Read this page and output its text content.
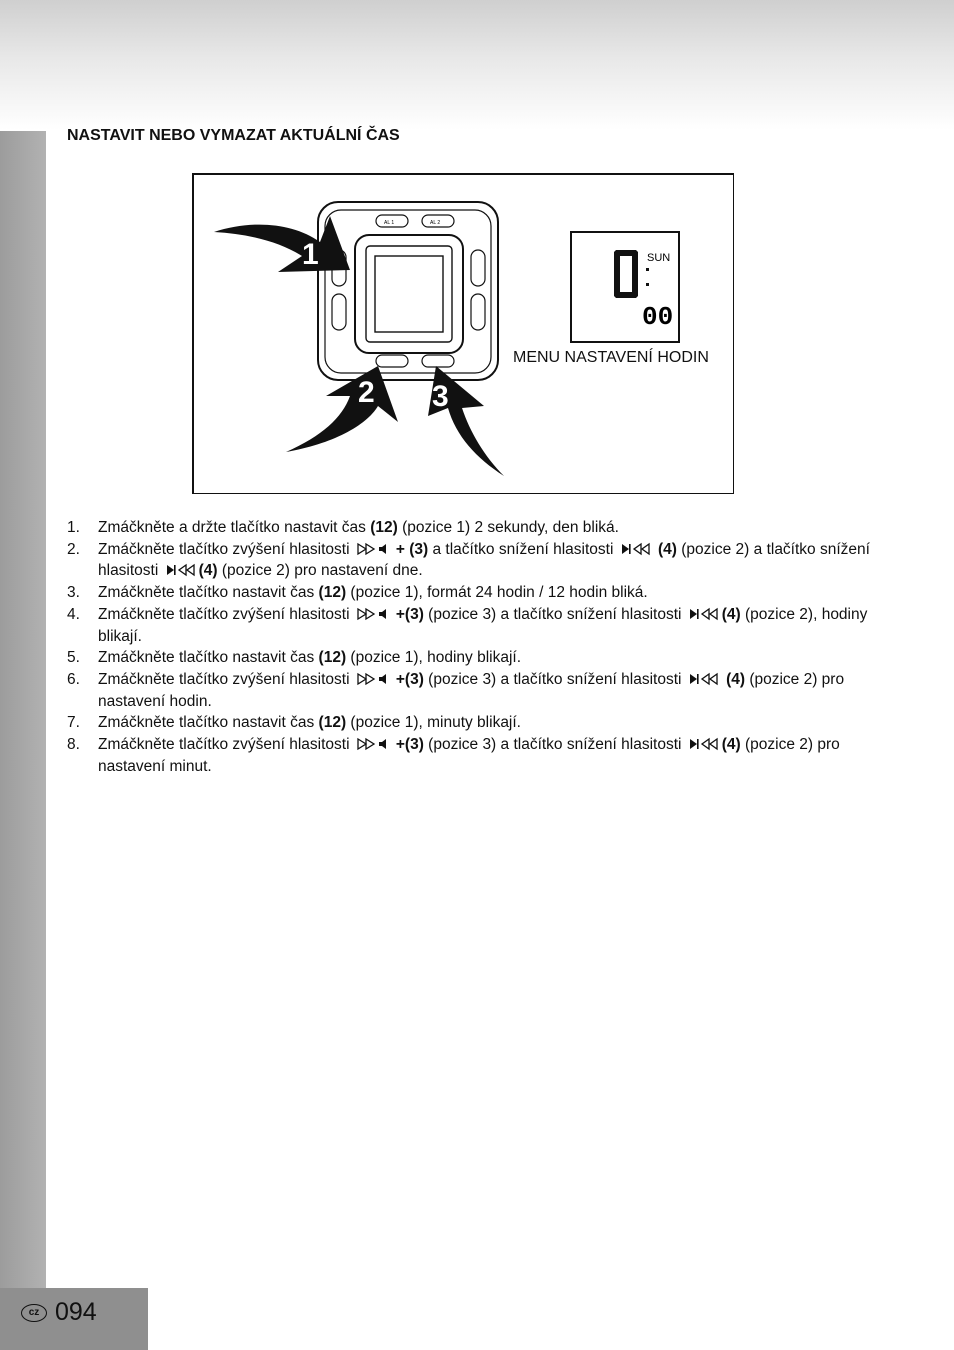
NASTAVIT NEBO VYMAZAT AKTUÁLNÍ ČAS
AL 1	AL 2
SUN
00
1
2 3
MENU NASTAVENÍ HODIN
1. Zmáčkněte a držte tlačítko nastavit čas (12) (pozice 1) 2 sekundy, den bliká.
2. Zmáčkněte tlačítko zvýšení hlasitosti	+ (3) a tlačítko snížení hlasitosti
(4) (pozice 2) a tlačítko snížení hlasitosti
(4) (pozice 2) pro nastavení dne.
3. Zmáčkněte tlačítko nastavit čas (12) (pozice 1), formát 24 hodin / 12 hodin bliká.
4. Zmáčkněte tlačítko zvýšení hlasitosti	+(3) (pozice 3) a tlačítko snížení hlasitosti
(4) (pozice 2), hodiny blikají.
5. Zmáčkněte tlačítko nastavit čas (12) (pozice 1), hodiny blikají.
6. Zmáčkněte tlačítko zvýšení hlasitosti	+(3) (pozice 3) a tlačítko snížení hlasitosti
(4) (pozice 2) pro nastavení hodin.
7. Zmáčkněte tlačítko nastavit čas (12) (pozice 1), minuty blikají.
8. Zmáčkněte tlačítko zvýšení hlasitosti	+(3) (pozice 3) a tlačítko snížení hlasitosti
(4) (pozice 2) pro nastavení minut.
cz 094
